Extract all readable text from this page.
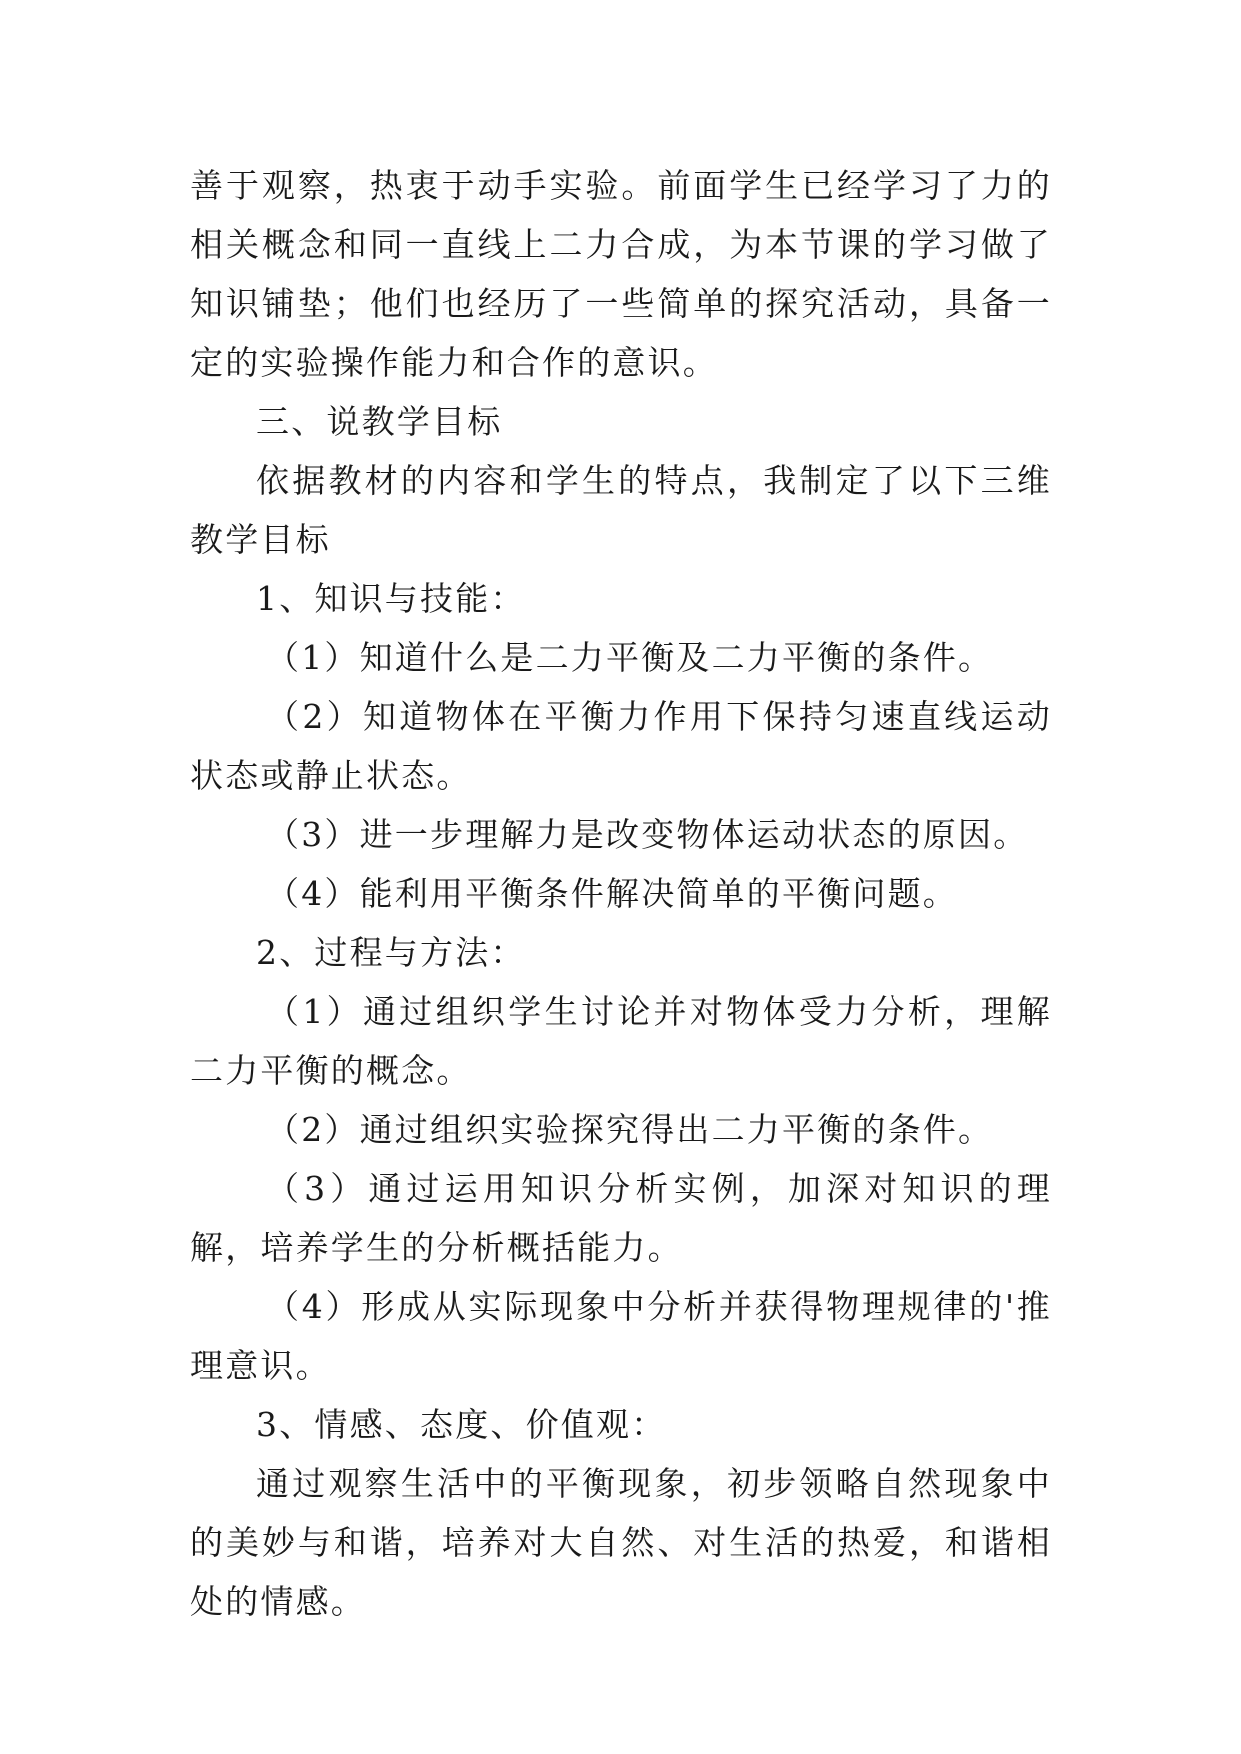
善于观察，热衷于动手实验。前面学生已经学习了力的相关概念和同一直线上二力合成，为本节课的学习做了知识铺垫；他们也经历了一些简单的探究活动，具备一定的实验操作能力和合作的意识。

三、说教学目标

依据教材的内容和学生的特点，我制定了以下三维教学目标

1、知识与技能：

（1）知道什么是二力平衡及二力平衡的条件。

（2）知道物体在平衡力作用下保持匀速直线运动状态或静止状态。

（3）进一步理解力是改变物体运动状态的原因。

（4）能利用平衡条件解决简单的平衡问题。

2、过程与方法：

（1）通过组织学生讨论并对物体受力分析，理解二力平衡的概念。

（2）通过组织实验探究得出二力平衡的条件。

（3）通过运用知识分析实例，加深对知识的理解，培养学生的分析概括能力。

（4）形成从实际现象中分析并获得物理规律的'推理意识。

3、情感、态度、价值观：

通过观察生活中的平衡现象，初步领略自然现象中的美妙与和谐，培养对大自然、对生活的热爱，和谐相处的情感。
